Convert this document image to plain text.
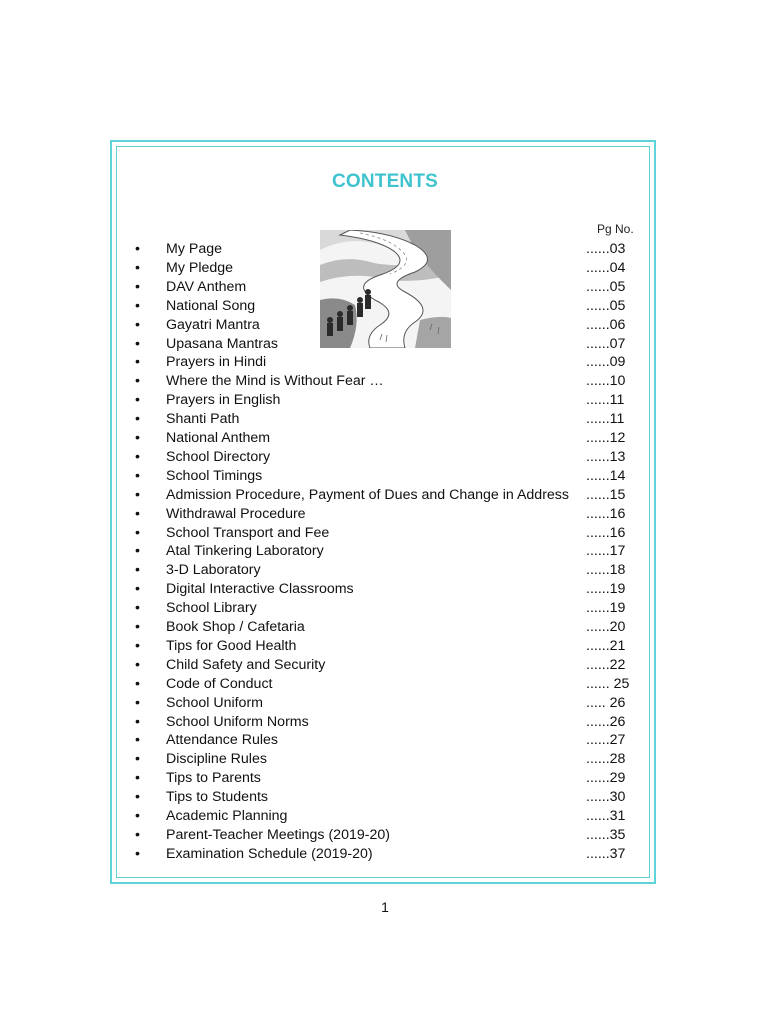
CONTENTS
Pg No.
• My Page	......03
• My Pledge	......04
• DAV Anthem	......05
• National Song	......05
• Gayatri Mantra	......06
• Upasana Mantras	......07
• Prayers in Hindi	......09
• Where the Mind is Without Fear …	......10
• Prayers in English	......11
• Shanti Path	......11
• National Anthem	......12
• School Directory	......13
• School Timings	......14
• Admission Procedure, Payment of Dues and Change in Address ......15
• Withdrawal Procedure	......16
• School Transport and Fee	......16
• Atal Tinkering Laboratory	......17
• 3-D Laboratory	......18
• Digital Interactive Classrooms	......19
• School Library	......19
• Book Shop / Cafetaria	......20
• Tips for Good Health	......21
• Child Safety and Security	......22
• Code of Conduct	...... 25
• School Uniform	..... 26
• School Uniform Norms	......26
• Attendance Rules	......27
• Discipline Rules	......28
• Tips to Parents	......29
• Tips to Students	......30
• Academic Planning	......31
• Parent-Teacher Meetings (2019-20)	......35
• Examination Schedule (2019-20)	......37
1
